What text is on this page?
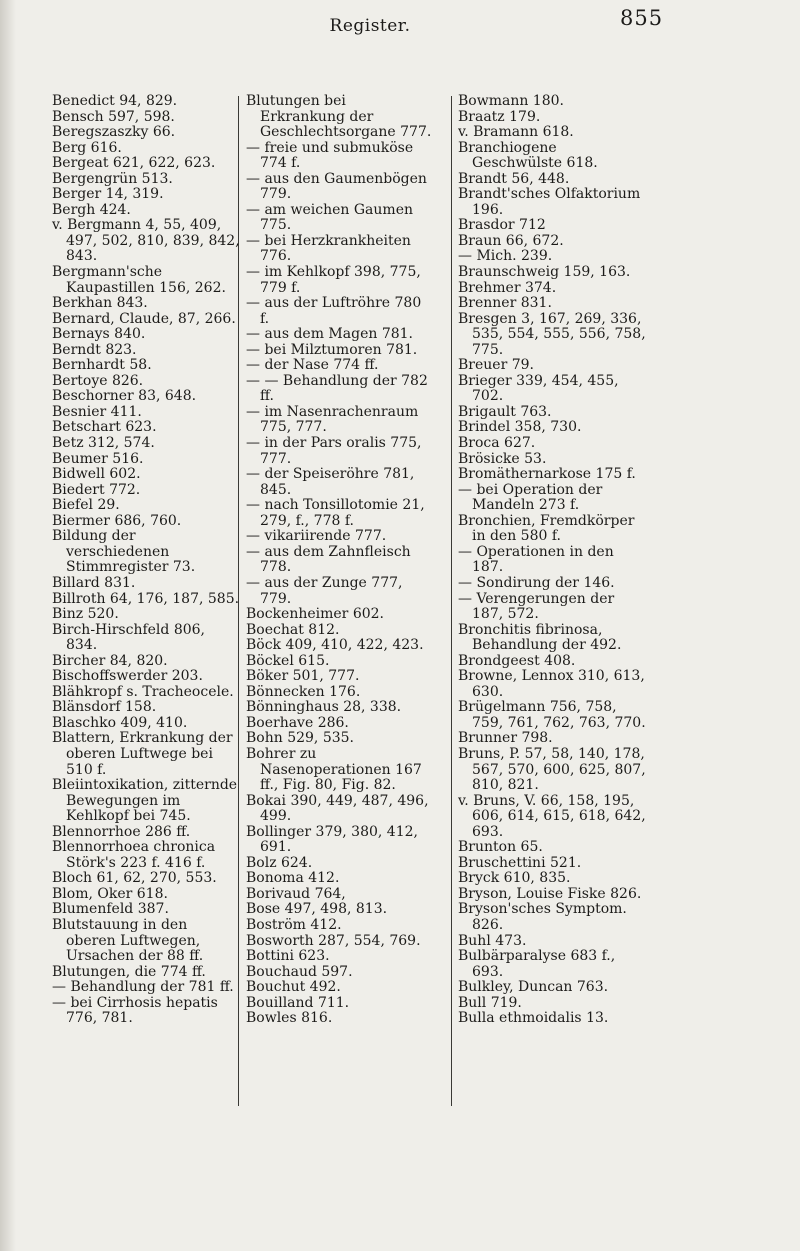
Register.	855

Benedict 94, 829.

Bensch 597, 598.

Beregszaszky 66.

Berg 616.

Bergeat 621, 622, 623.

Bergengrün 513.

Berger 14, 319.

Bergh 424.

v. Bergmann 4, 55, 409, 497, 502, 810, 839, 842, 843.

Bergmann'sche Kaupastillen 156, 262.

Berkhan 843.

Bernard, Claude, 87, 266.

Bernays 840.

Berndt 823.

Bernhardt 58.

Bertoye 826.

Beschorner 83, 648.

Besnier 411.

Betschart 623.

Betz 312, 574.

Beumer 516.

Bidwell 602.

Biedert 772.

Biefel 29.

Biermer 686, 760.

Bildung der verschiedenen Stimmregister 73.

Billard 831.

Billroth 64, 176, 187, 585.

Binz 520.

Birch-Hirschfeld 806, 834.

Bircher 84, 820.

Bischoffswerder 203.

Blähkropf s. Tracheocele.

Blänsdorf 158.

Blaschko 409, 410.

Blattern, Erkrankung der oberen Luftwege bei 510 f.

Bleiintoxikation, zitternde Bewegungen im Kehlkopf bei 745.

Blennorrhoe 286 ff.

Blennorrhoea chronica Störk's 223 f. 416 f.

Bloch 61, 62, 270, 553.

Blom, Oker 618.

Blumenfeld 387.

Blutstauung in den oberen Luftwegen, Ursachen der 88 ff.

Blutungen, die 774 ff.

— Behandlung der 781 ff.

— bei Cirrhosis hepatis 776, 781.

Blutungen bei Erkrankung der Geschlechtsorgane 777.

— freie und submuköse 774 f.

— aus den Gaumenbögen 779.

— am weichen Gaumen 775.

— bei Herzkrankheiten 776.

— im Kehlkopf 398, 775, 779 f.

— aus der Luftröhre 780 f.

— aus dem Magen 781.

— bei Milztumoren 781.

— der Nase 774 ff.

— — Behandlung der 782 ff.

— im Nasenrachenraum 775, 777.

— in der Pars oralis 775, 777.

— der Speiseröhre 781, 845.

— nach Tonsillotomie 21, 279, f., 778 f.

— vikariirende 777.

— aus dem Zahnfleisch 778.

— aus der Zunge 777, 779.

Bockenheimer 602.

Boechat 812.

Böck 409, 410, 422, 423.

Böckel 615.

Böker 501, 777.

Bönnecken 176.

Bönninghaus 28, 338.

Boerhave 286.

Bohn 529, 535.

Bohrer zu Nasenoperationen 167 ff., Fig. 80, Fig. 82.

Bokai 390, 449, 487, 496, 499.

Bollinger 379, 380, 412, 691.

Bolz 624.

Bonoma 412.

Borivaud 764,

Bose 497, 498, 813.

Boström 412.

Bosworth 287, 554, 769.

Bottini 623.

Bouchaud 597.

Bouchut 492.

Bouilland 711.

Bowles 816.

Bowmann 180.

Braatz 179.

v. Bramann 618.

Branchiogene Geschwülste 618.

Brandt 56, 448.

Brandt'sches Olfaktorium 196.

Brasdor 712

Braun 66, 672.

— Mich. 239.

Braunschweig 159, 163.

Brehmer 374.

Brenner 831.

Bresgen 3, 167, 269, 336, 535, 554, 555, 556, 758, 775.

Breuer 79.

Brieger 339, 454, 455, 702.

Brigault 763.

Brindel 358, 730.

Broca 627.

Brösicke 53.

Bromäthernarkose 175 f.

— bei Operation der Mandeln 273 f.

Bronchien, Fremdkörper in den 580 f.

— Operationen in den 187.

— Sondirung der 146.

— Verengerungen der 187, 572.

Bronchitis fibrinosa, Behandlung der 492.

Brondgeest 408.

Browne, Lennox 310, 613, 630.

Brügelmann 756, 758, 759, 761, 762, 763, 770.

Brunner 798.

Bruns, P. 57, 58, 140, 178, 567, 570, 600, 625, 807, 810, 821.

v. Bruns, V. 66, 158, 195, 606, 614, 615, 618, 642, 693.

Brunton 65.

Bruschettini 521.

Bryck 610, 835.

Bryson, Louise Fiske 826.

Bryson'sches Symptom. 826.

Buhl 473.

Bulbärparalyse 683 f., 693.

Bulkley, Duncan 763.

Bull 719.

Bulla ethmoidalis 13.
